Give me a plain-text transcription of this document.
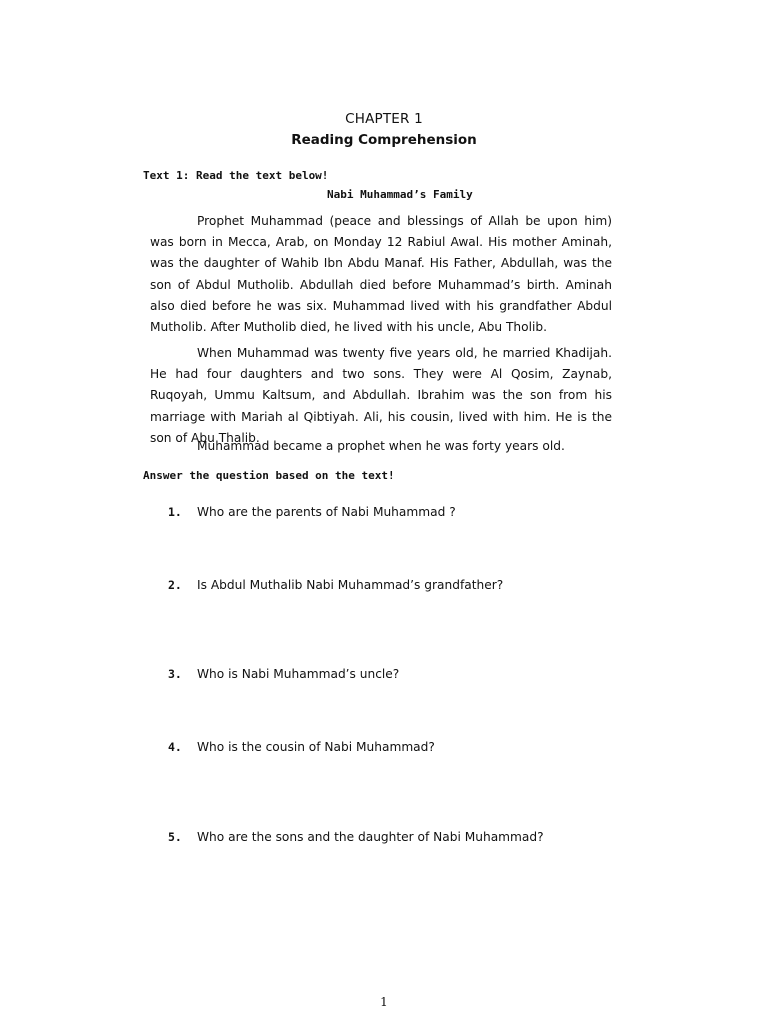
CHAPTER 1
Reading Comprehension
Text 1: Read the text below!
Nabi Muhammad’s Family

Prophet Muhammad (peace and blessings of Allah be upon him) was born in Mecca, Arab, on Monday 12 Rabiul Awal. His mother Aminah, was the daughter of Wahib Ibn Abdu Manaf. His Father, Abdullah, was the son of Abdul Mutholib. Abdullah died before Muhammad’s birth. Aminah also died before he was six. Muhammad lived with his grandfather Abdul Mutholib. After Mutholib died, he lived with his uncle, Abu Tholib.

When Muhammad was twenty five years old, he married Khadijah. He had four daughters and two sons. They were Al Qosim, Zaynab, Ruqoyah, Ummu Kaltsum, and Abdullah. Ibrahim was the son from his marriage with Mariah al Qibtiyah. Ali, his cousin, lived with him. He is the son of Abu Thalib.

Muhammad became a prophet when he was forty years old.

Answer the question based on the text!
1. Who are the parents of Nabi Muhammad ?
2. Is Abdul Muthalib Nabi Muhammad’s grandfather?
3. Who is Nabi Muhammad’s uncle?
4. Who is the cousin of Nabi Muhammad?
5. Who are the sons and the daughter of Nabi Muhammad?
1
